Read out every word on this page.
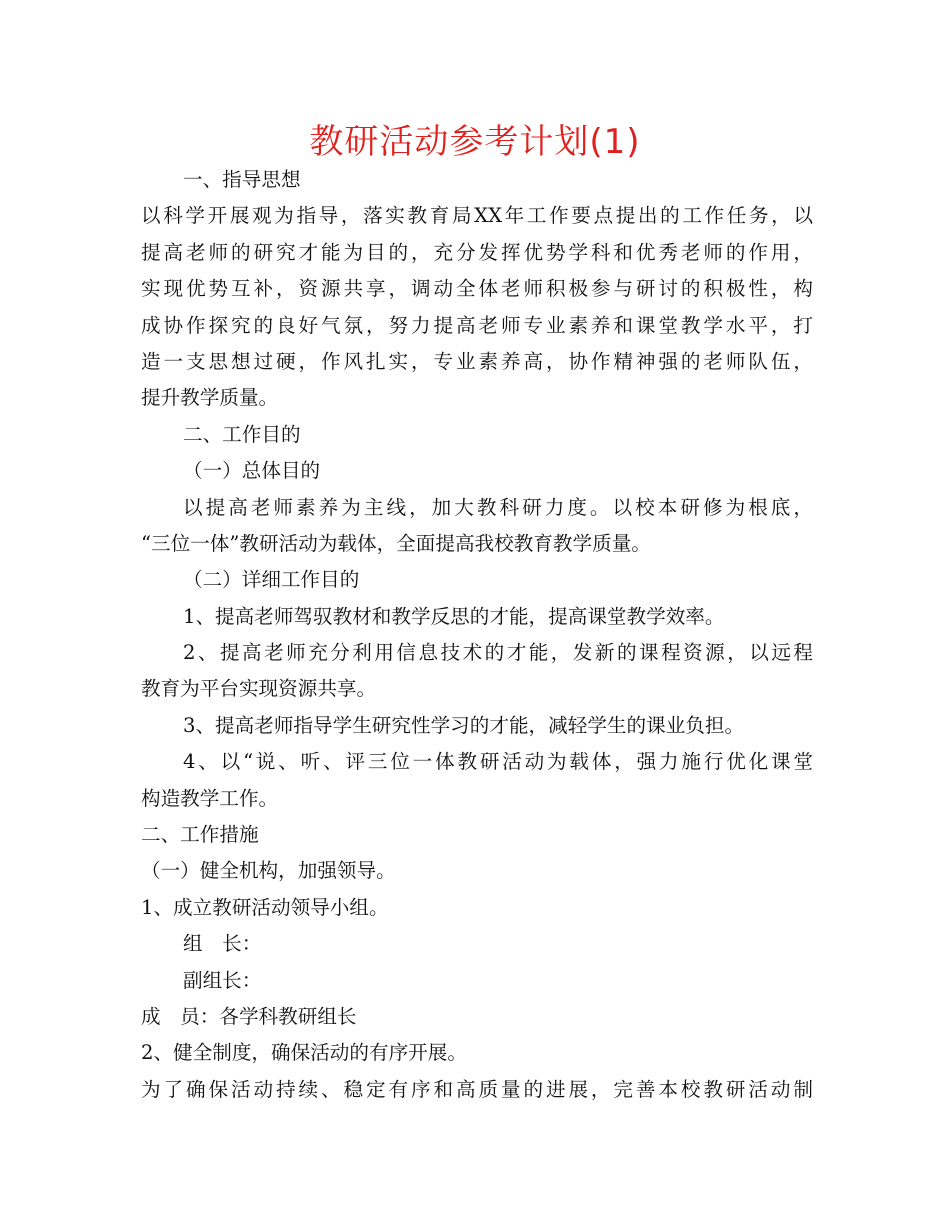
教研活动参考计划(1)
一、指导思想
以科学开展观为指导，落实教育局XX年工作要点提出的工作任务，以
提高老师的研究才能为目的，充分发挥优势学科和优秀老师的作用，
实现优势互补，资源共享，调动全体老师积极参与研讨的积极性，构
成协作探究的良好气氛，努力提高老师专业素养和课堂教学水平，打
造一支思想过硬，作风扎实，专业素养高，协作精神强的老师队伍，
提升教学质量。
二、工作目的
（一）总体目的
以提高老师素养为主线，加大教科研力度。以校本研修为根底，
“三位一体”教研活动为载体，全面提高我校教育教学质量。
（二）详细工作目的
1、提高老师驾驭教材和教学反思的才能，提高课堂教学效率。
2、提高老师充分利用信息技术的才能，发新的课程资源，以远程
教育为平台实现资源共享。
3、提高老师指导学生研究性学习的才能，减轻学生的课业负担。
4、以“说、听、评三位一体教研活动为载体，强力施行优化课堂
构造教学工作。
二、工作措施
（一）健全机构，加强领导。
1、成立教研活动领导小组。
组　长：
副组长：
成　员：各学科教研组长
2、健全制度，确保活动的有序开展。
为了确保活动持续、稳定有序和高质量的进展，完善本校教研活动制
